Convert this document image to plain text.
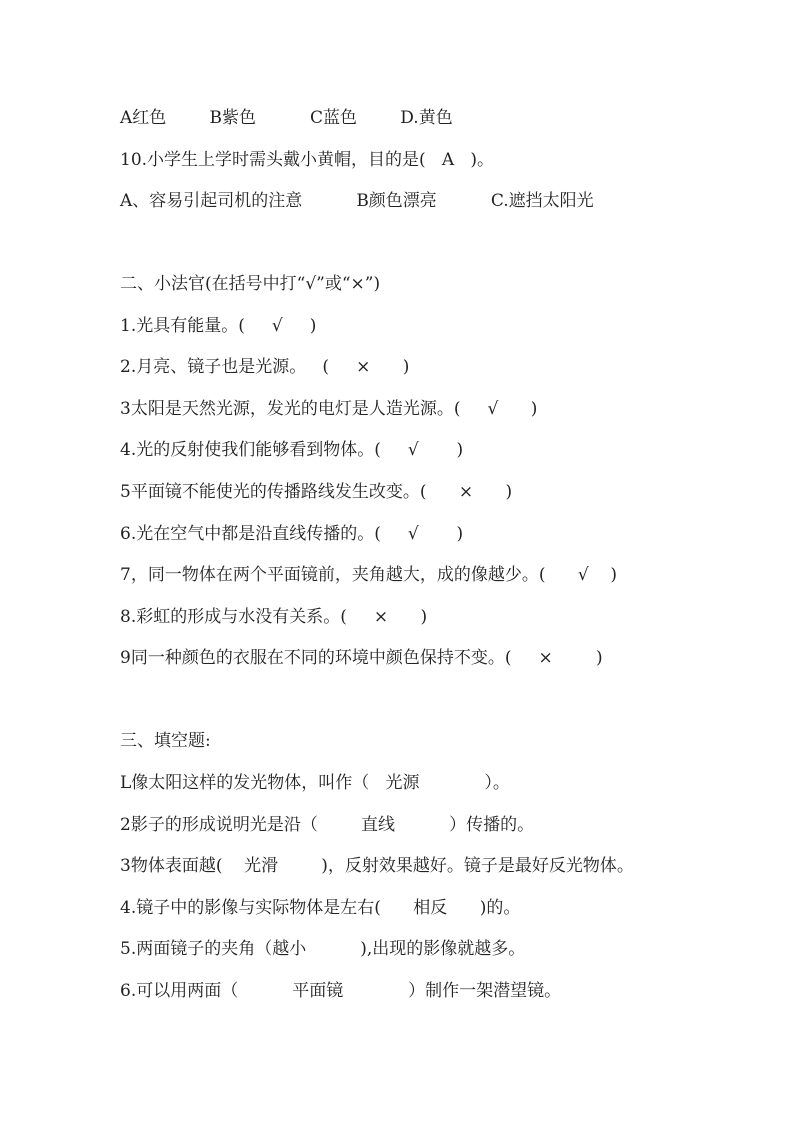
A红色        B紫色          C蓝色        D.黄色
10.小学生上学时需头戴小黄帽，目的是(   A   )。
A、容易引起司机的注意          B颜色漂亮          C.遮挡太阳光
二、小法官(在括号中打“√”或“×”)
1.光具有能量。(     √     )
2.月亮、镜子也是光源。   (     ×      )
3太阳是天然光源，发光的电灯是人造光源。(     √      )
4.光的反射使我们能够看到物体。(     √       )
5平面镜不能使光的传播路线发生改变。(      ×      )
6.光在空气中都是沿直线传播的。(     √       )
7，同一物体在两个平面镜前，夹角越大，成的像越少。(      √    )
8.彩虹的形成与水没有关系。(     ×      )
9同一种颜色的衣服在不同的环境中颜色保持不变。(     ×        )
三、填空题:
L像太阳这样的发光物体，叫作（   光源            ）。
2影子的形成说明光是沿（        直线          ）传播的。
3物体表面越(    光滑        )，反射效果越好。镜子是最好反光物体。
4.镜子中的影像与实际物体是左右(      相反      )的。
5.两面镜子的夹角（越小          ),出现的影像就越多。
6.可以用两面（          平面镜            ）制作一架潜望镜。
